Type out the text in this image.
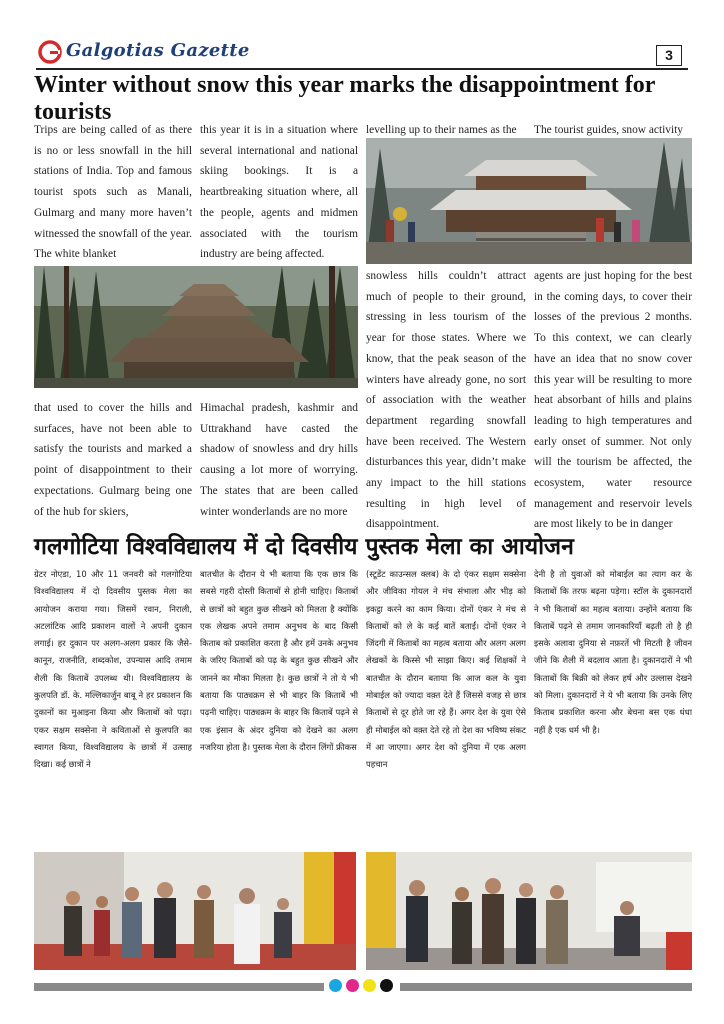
Galgotias Gazette	3
Winter without snow this year marks the disappointment for tourists

Trips are being called of as there is no or less snowfall in the hill stations of India. Top and famous tourist spots such as Manali, Gulmarg and many more haven’t witnessed the snowfall of the year. The white blanket

this year it is in a situation where several international and national skiing bookings. It is a heartbreaking situation where, all the people, agents and midmen associated with the tourism industry are being affected.

that used to cover the hills and surfaces, have not been able to satisfy the tourists and marked a point of disappointment to their expectations. Gulmarg being one of the hub for skiers,

Himachal pradesh, kashmir and Uttrakhand have casted the shadow of snowless and dry hills causing a lot more of worrying. The states that are been called winter wonderlands are no more

levelling up to their names as the	The tourist guides, snow activity

snowless hills couldn’t attract much of people to their ground, stressing in less tourism of the year for those states. Where we know, that the peak season of the winters have already gone, no sort of association with the weather department regarding snowfall have been received. The Western disturbances this year, didn’t make any impact to the hill stations resulting in high level of disappointment.

agents are just hoping for the best in the coming days, to cover their losses of the previous 2 months. To this context, we can clearly have an idea that no snow cover this year will be resulting to more heat absorbant of hills and plains leading to high temperatures and early onset of summer. Not only will the tourism be affected, the ecosystem, water resource management and reservoir levels are most likely to be in danger

गलगोटिया विश्वविद्यालय में दो दिवसीय पुस्तक मेला का आयोजन
ग्रेटर नोएडा, 10 और 11 जनवरी को गलगोटिया विश्वविद्यालय में दो दिवसीय पुस्तक मेला का आयोजन कराया गया। जिसमें रवान, निराली, अटलांटिक आदि प्रकाशन वालों ने अपनी दुकान लगाई। हर दुकान पर अलग-अलग प्रकार कि जैसे- कानून, राजनीति, शब्दकोश, उपन्यास आदि तमाम शैली कि किताबें उपलब्ध थी। विश्वविद्यालय के कुलपति डॉ. के. मल्लिकार्जुन बाबू ने हर प्रकाशन कि दुकानों का मुआइना किया और किताबों को पढ़ा। एकर सक्षम सक्सेना ने कविताओं से कुलपति का स्वागत किया, विश्वविद्यालय के छात्रों में उत्साह दिखा। कई छात्रों ने
बातचीत के दौरान ये भी बताया कि एक छात्र कि सबसे गहरी दोस्ती किताबों से होनी चाहिए। किताबों से छात्रों को बहुत कुछ सीखने को मिलता है क्योंकि एक लेखक अपने तमाम अनुभव के बाद किसी किताब को प्रकाशित करता है और हमें उनके अनुभव के जरिए किताबों को पढ़ के बहुत कुछ सीखने और जानने का मौका मिलता है। कुछ छात्रों ने तो ये भी बताया कि पाठ्यक्रम से भी बाहर कि किताबें भी पढ़नी चाहिए। पाठ्यक्रम के बाहर कि किताबें पढ़ने से एक इंसान के अंदर दुनिया को देखने का अलग नजरिया होता है। पुस्तक मेला के दौरान लिंगों फ्रीकस
(स्टूडेंट काउन्सल क्लब) के दो एंकर सक्षम सक्सेना और जीविका गोयल ने मंच संभाला और भीड़ को इकट्ठा करने का काम किया। दोनों एंकर ने मंच से किताबों को ले के कई बातें बताईं। दोनों एंकर ने जिंदगी में किताबों का महत्व बताया और अलग अलग लेखकों के किस्से भी साझा किए। कई शिक्षकों ने बातचीत के दौरान बताया कि आज कल के युवा मोबाईल को ज्यादा वक़्त देते हैं जिससे वजह से छात्र किताबों से दूर होते जा रहे हैं। अगर देश के युवा ऐसे ही मोबाईल को वक़्त देते रहे तो देश का भविष्य संकट में आ जाएगा। अगर देश को दुनिया में एक अलग पहचान
देनी है तो युवाओं को मोबाईल का त्याग कर के किताबों कि तरफ बढ़ना पड़ेगा। स्टॉल के दुकानदारों ने भी किताबों का महत्व बताया। उन्होंने बताया कि किताबें पढ़ने से तमाम जानकारियाँ बढ़ती तो है ही इसके अलावा दुनिया से नफ़रतें भी मिटती है जीवन जीने कि शैली में बदलाव आता है। दुकानदारों ने भी किताबों कि बिक्री को लेकर हर्ष और उल्लास देखने को मिला। दुकानदारों ने ये भी बताया कि उनके लिए किताब प्रकाशित करना और बेचना बस एक धंधा नहीं है एक धर्म भी है।
